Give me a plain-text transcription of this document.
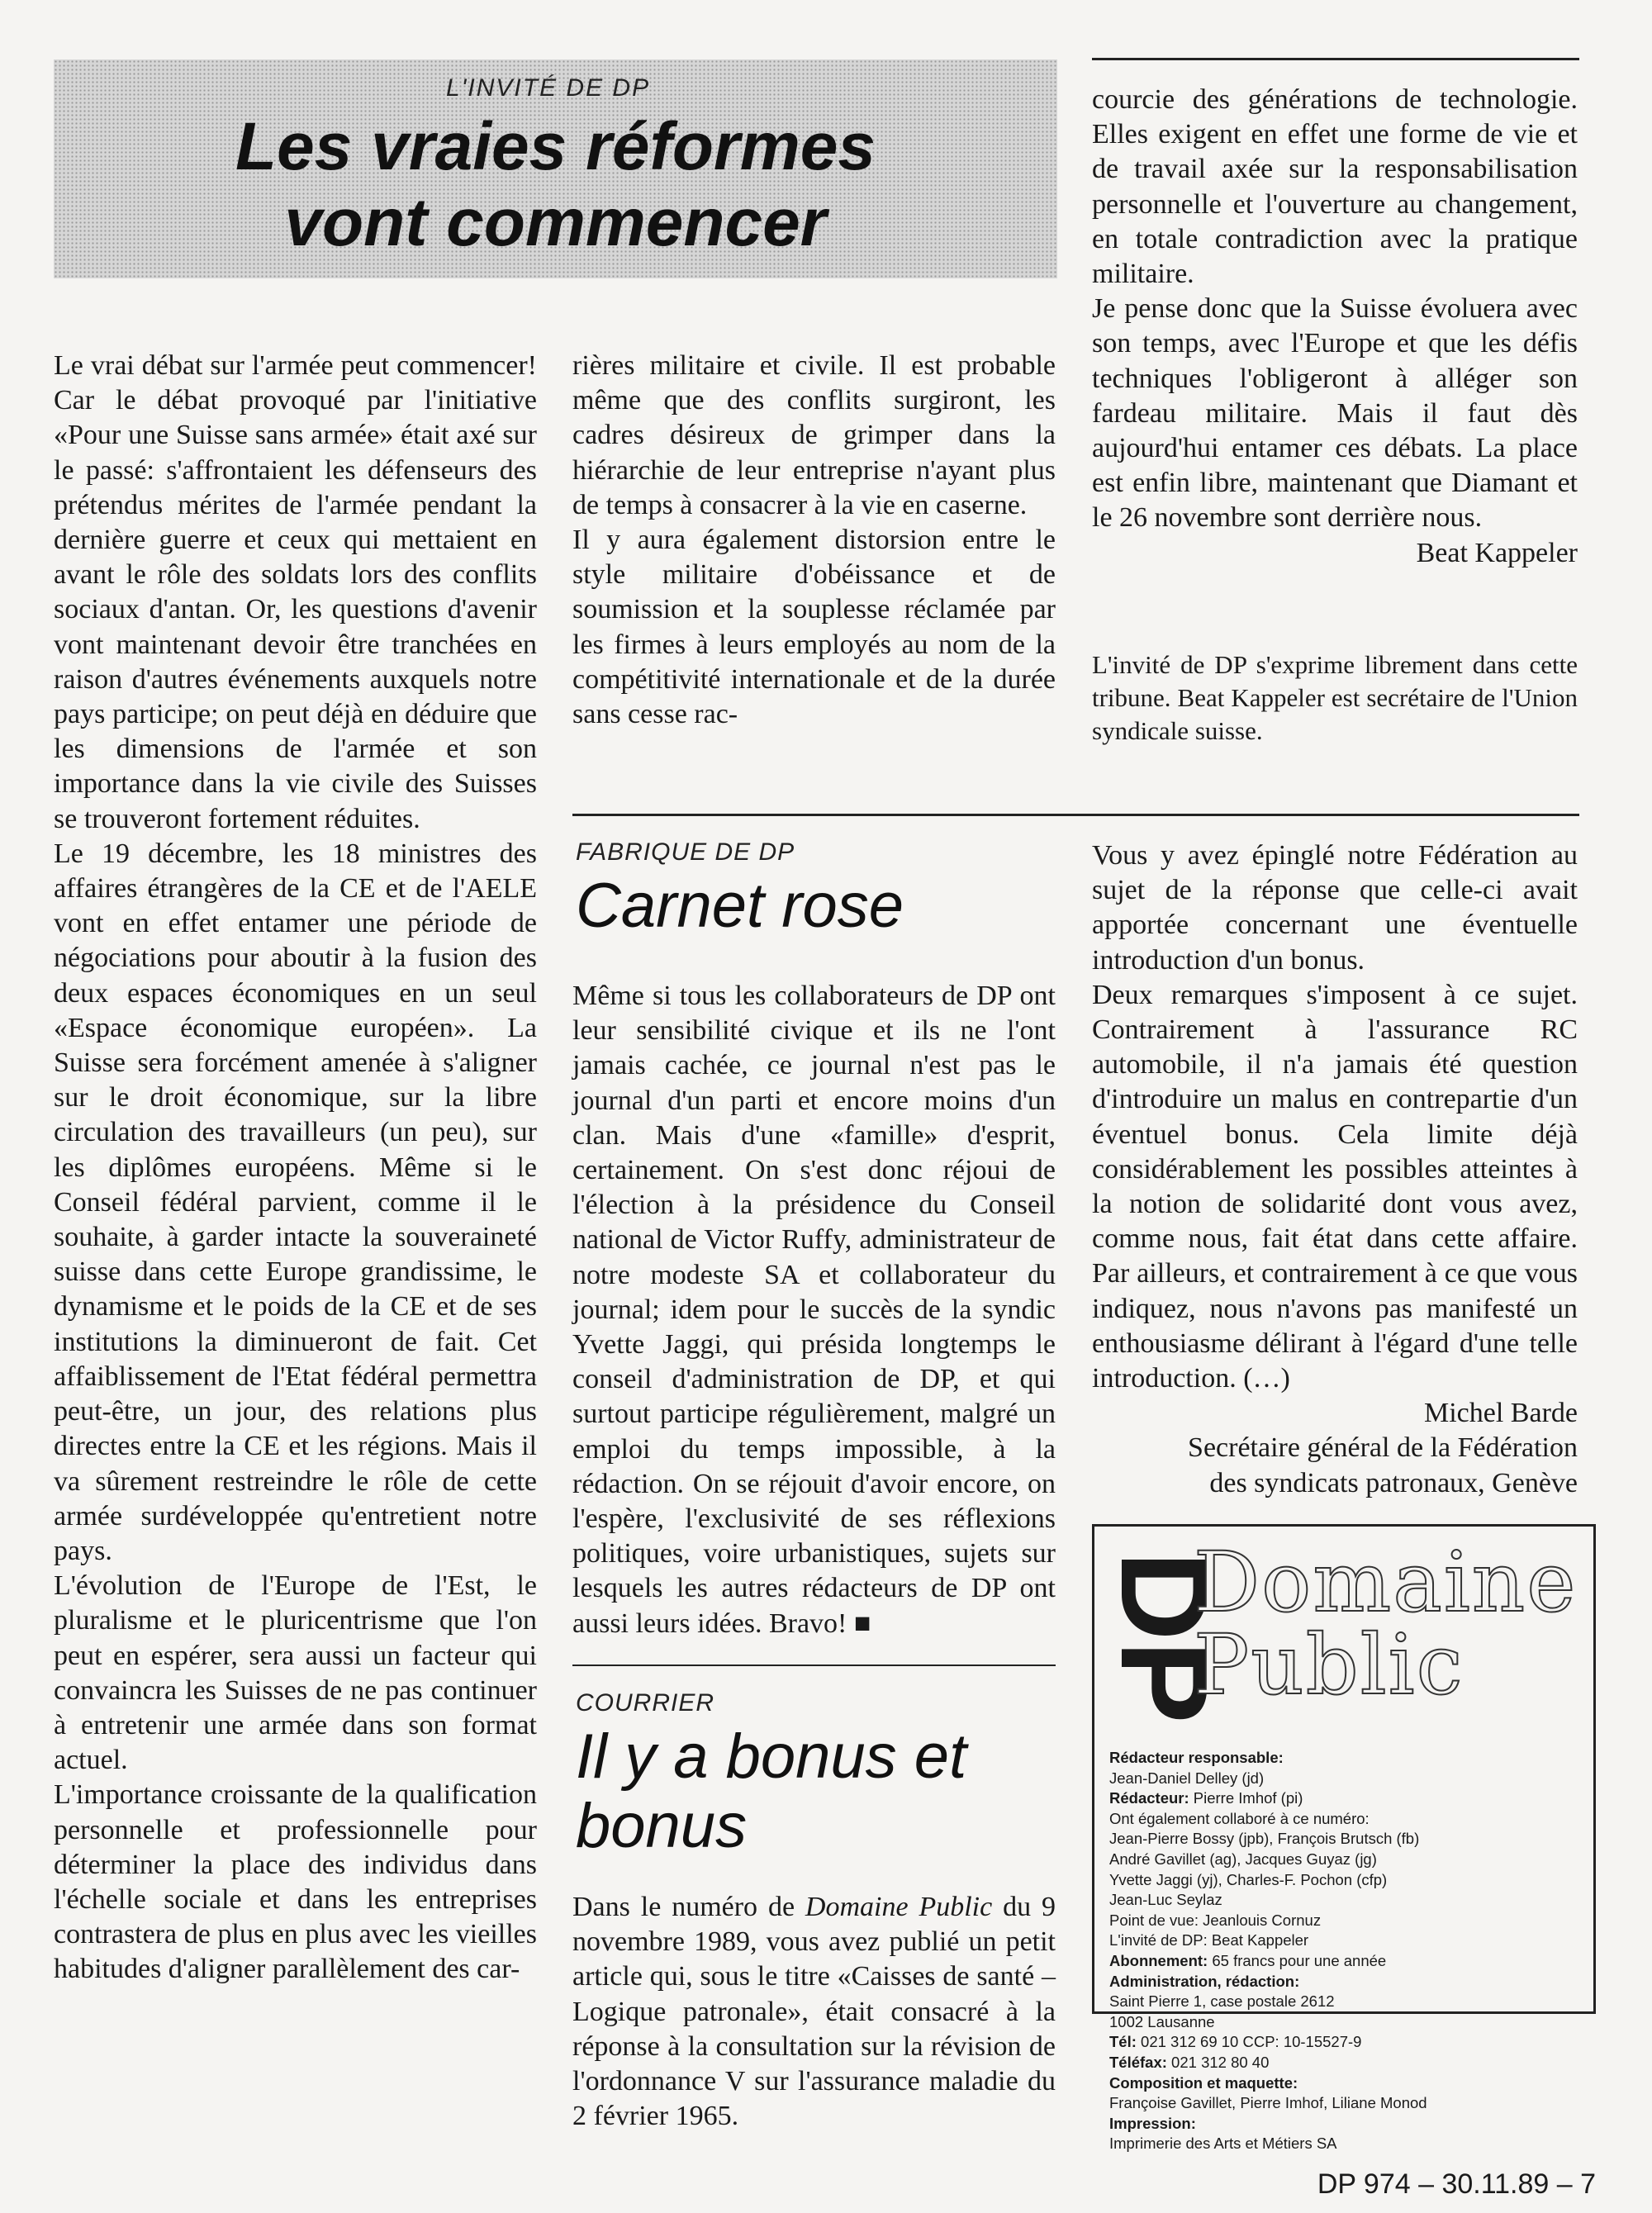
L'INVITÉ DE DP
Les vraies réformes
vont commencer

Le vrai débat sur l'armée peut commencer! Car le débat provoqué par l'initiative «Pour une Suisse sans armée» était axé sur le passé: s'affrontaient les défenseurs des prétendus mérites de l'armée pendant la dernière guerre et ceux qui mettaient en avant le rôle des soldats lors des conflits sociaux d'antan. Or, les questions d'avenir vont maintenant devoir être tranchées en raison d'autres événements auxquels notre pays participe; on peut déjà en déduire que les dimensions de l'armée et son importance dans la vie civile des Suisses se trouveront fortement réduites.

Le 19 décembre, les 18 ministres des affaires étrangères de la CE et de l'AELE vont en effet entamer une période de négociations pour aboutir à la fusion des deux espaces économiques en un seul «Espace économique européen». La Suisse sera forcément amenée à s'aligner sur le droit économique, sur la libre circulation des travailleurs (un peu), sur les diplômes européens. Même si le Conseil fédéral parvient, comme il le souhaite, à garder intacte la souveraineté suisse dans cette Europe grandissime, le dynamisme et le poids de la CE et de ses institutions la diminueront de fait. Cet affaiblissement de l'Etat fédéral permettra peut-être, un jour, des relations plus directes entre la CE et les régions. Mais il va sûrement restreindre le rôle de cette armée surdéveloppée qu'entretient notre pays.

L'évolution de l'Europe de l'Est, le pluralisme et le pluricentrisme que l'on peut en espérer, sera aussi un facteur qui convaincra les Suisses de ne pas continuer à entretenir une armée dans son format actuel.

L'importance croissante de la qualification personnelle et professionnelle pour déterminer la place des individus dans l'échelle sociale et dans les entreprises contrastera de plus en plus avec les vieilles habitudes d'aligner parallèlement des car-

rières militaire et civile. Il est probable même que des conflits surgiront, les cadres désireux de grimper dans la hiérarchie de leur entreprise n'ayant plus de temps à consacrer à la vie en caserne.

Il y aura également distorsion entre le style militaire d'obéissance et de soumission et la souplesse réclamée par les firmes à leurs employés au nom de la compétitivité internationale et de la durée sans cesse rac-

courcie des générations de technologie. Elles exigent en effet une forme de vie et de travail axée sur la responsabilisation personnelle et l'ouverture au changement, en totale contradiction avec la pratique militaire.

Je pense donc que la Suisse évoluera avec son temps, avec l'Europe et que les défis techniques l'obligeront à alléger son fardeau militaire. Mais il faut dès aujourd'hui entamer ces débats. La place est enfin libre, maintenant que Diamant et le 26 novembre sont derrière nous.

Beat Kappeler

L'invité de DP s'exprime librement dans cette tribune. Beat Kappeler est secrétaire de l'Union syndicale suisse.
FABRIQUE DE DP
Carnet rose
Même si tous les collaborateurs de DP ont leur sensibilité civique et ils ne l'ont jamais cachée, ce journal n'est pas le journal d'un parti et encore moins d'un clan. Mais d'une «famille» d'esprit, certainement. On s'est donc réjoui de l'élection à la présidence du Conseil national de Victor Ruffy, administrateur de notre modeste SA et collaborateur du journal; idem pour le succès de la syndic Yvette Jaggi, qui présida longtemps le conseil d'administration de DP, et qui surtout participe régulièrement, malgré un emploi du temps impossible, à la rédaction. On se réjouit d'avoir encore, on l'espère, l'exclusivité de ses réflexions politiques, voire urbanistiques, sujets sur lesquels les autres rédacteurs de DP ont aussi leurs idées. Bravo! ■
COURRIER
Il y a bonus et
bonus
Dans le numéro de Domaine Public du 9 novembre 1989, vous avez publié un petit article qui, sous le titre «Caisses de santé – Logique patronale», était consacré à la réponse à la consultation sur la révision de l'ordonnance V sur l'assurance maladie du 2 février 1965.

Vous y avez épinglé notre Fédération au sujet de la réponse que celle-ci avait apportée concernant une éventuelle introduction d'un bonus.

Deux remarques s'imposent à ce sujet. Contrairement à l'assurance RC automobile, il n'a jamais été question d'introduire un malus en contrepartie d'un éventuel bonus. Cela limite déjà considérablement les possibles atteintes à la notion de solidarité dont vous avez, comme nous, fait état dans cette affaire. Par ailleurs, et contrairement à ce que vous indiquez, nous n'avons pas manifesté un enthousiasme délirant à l'égard d'une telle introduction. (…)

Michel Barde

Secrétaire général de la Fédération

des syndicats patronaux, Genève

DP
Domaine
Public
Rédacteur responsable:
Jean-Daniel Delley (jd)
Rédacteur: Pierre Imhof (pi)
Ont également collaboré à ce numéro:
Jean-Pierre Bossy (jpb), François Brutsch (fb)
André Gavillet (ag), Jacques Guyaz (jg)
Yvette Jaggi (yj), Charles-F. Pochon (cfp)
Jean-Luc Seylaz
Point de vue: Jeanlouis Cornuz
L'invité de DP: Beat Kappeler
Abonnement: 65 francs pour une année
Administration, rédaction:
Saint Pierre 1, case postale 2612
1002 Lausanne
Tél: 021 312 69 10 CCP: 10-15527-9
Téléfax: 021 312 80 40
Composition et maquette:
Françoise Gavillet, Pierre Imhof, Liliane Monod
Impression:
Imprimerie des Arts et Métiers SA
DP 974 – 30.11.89 – 7
